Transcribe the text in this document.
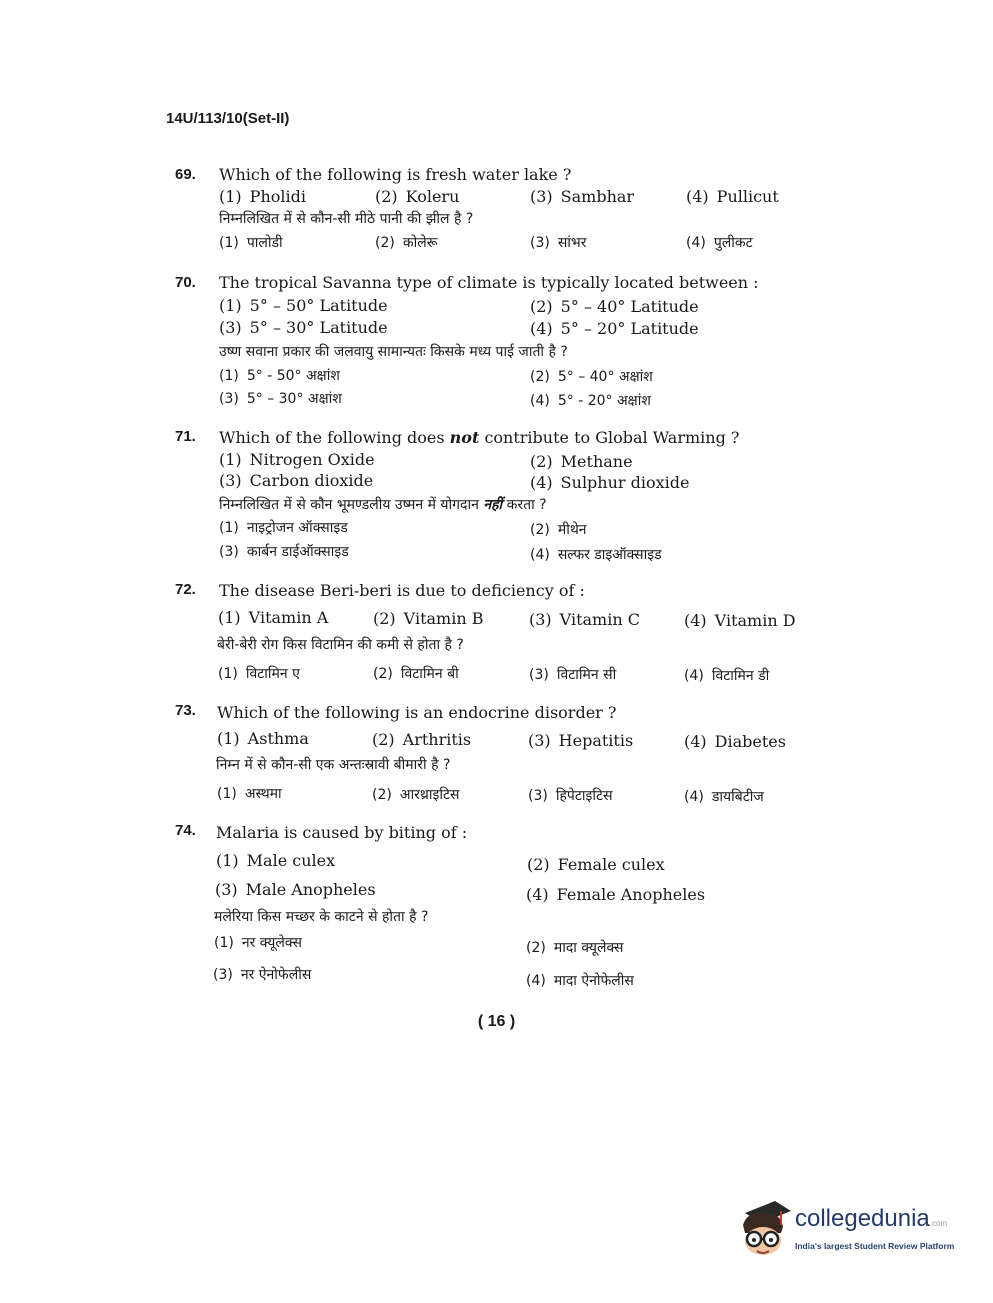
14U/113/10(Set-II)
69. Which of the following is fresh water lake ?
(1) Pholidi	(2) Koleru	(3) Sambhar	(4) Pullicut
निम्नलिखित में से कौन-सी मीठे पानी की झील है ?
(1) पालोडी	(2) कोलेरू	(3) सांभर	(4) पुलीकट
70. The tropical Savanna type of climate is typically located between :
(1) 5° – 50° Latitude	(2) 5° – 40° Latitude
(3) 5° – 30° Latitude	(4) 5° – 20° Latitude
उष्ण सवाना प्रकार की जलवायु सामान्यतः किसके मध्य पाई जाती है ?
(1) 5° - 50° अक्षांश	(2) 5° – 40° अक्षांश
(3) 5° – 30° अक्षांश	(4) 5° - 20° अक्षांश
71. Which of the following does not contribute to Global Warming ?
(1) Nitrogen Oxide	(2) Methane
(3) Carbon dioxide	(4) Sulphur dioxide
निम्नलिखित में से कौन भूमण्डलीय उष्मन में योगदान नहीं करता ?
(1) नाइट्रोजन ऑक्साइड	(2) मीथेन
(3) कार्बन डाईऑक्साइड	(4) सल्फर डाइऑक्साइड
72. The disease Beri-beri is due to deficiency of :
(1) Vitamin A	(2) Vitamin B	(3) Vitamin C	(4) Vitamin D
बेरी-बेरी रोग किस विटामिन की कमी से होता है ?
(1) विटामिन ए	(2) विटामिन बी	(3) विटामिन सी	(4) विटामिन डी
73. Which of the following is an endocrine disorder ?
(1) Asthma	(2) Arthritis	(3) Hepatitis	(4) Diabetes
निम्न में से कौन-सी एक अन्तःस्रावी बीमारी है ?
(1) अस्थमा	(2) आरथ्राइटिस	(3) हिपेटाइटिस	(4) डायबिटीज
74. Malaria is caused by biting of :
(1) Male culex	(2) Female culex
(3) Male Anopheles	(4) Female Anopheles
मलेरिया किस मच्छर के काटने से होता है ?
(1) नर क्यूलेक्स	(2) मादा क्यूलेक्स
(3) नर ऐनोफेलीस	(4) मादा ऐनोफेलीस
( 16 )
collegedunia.com
India's largest Student Review Platform
